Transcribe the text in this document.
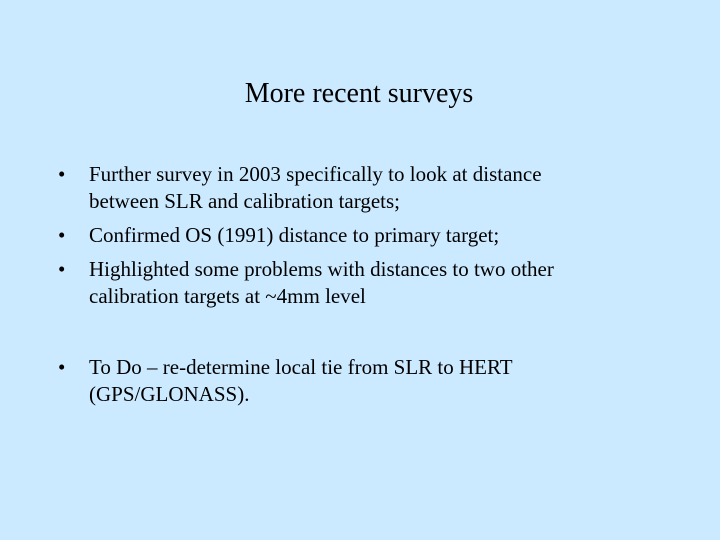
More recent surveys
• Further survey in 2003 specifically to look at distance
between SLR and calibration targets;
• Confirmed OS (1991) distance to primary target;
• Highlighted some problems with distances to two other
calibration targets at ~4mm level
• To Do – re-determine local tie from SLR to HERT
(GPS/GLONASS).
